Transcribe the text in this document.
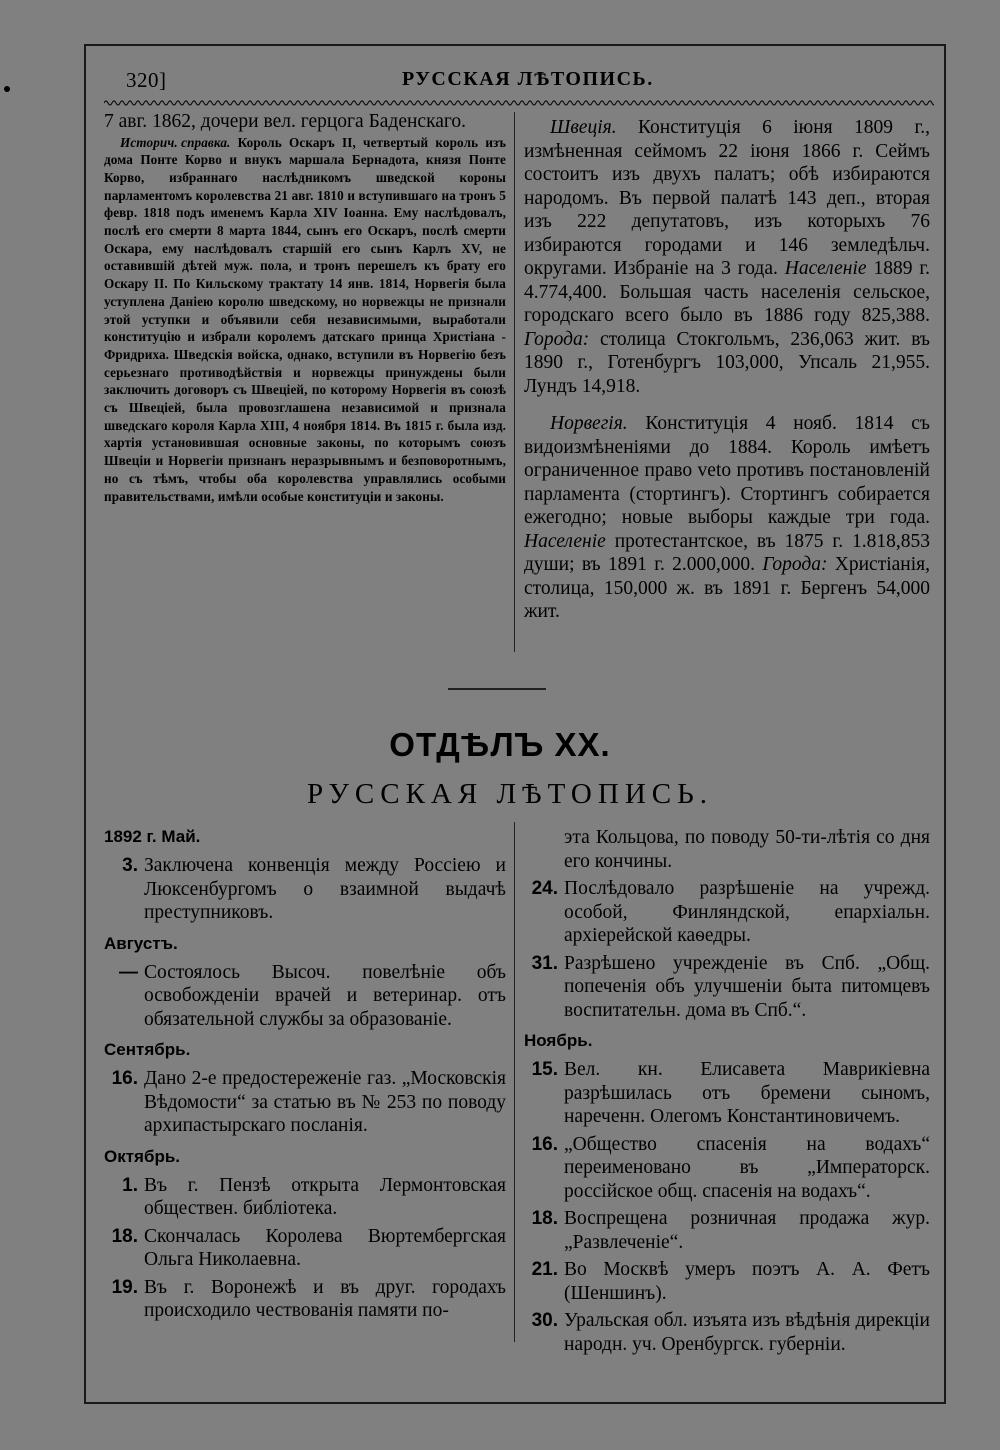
320]	РУССКАЯ ЛѢТОПИСЬ.

7 авг. 1862, дочери вел. герцога Баденскаго.

Историч. справка. Король Оскаръ II, четвертый король изъ дома Понте Корво и внукъ маршала Бернадота, князя Понте Корво, избраннаго наслѣдникомъ шведской короны парламентомъ королевства 21 авг. 1810 и вступившаго на тронъ 5 февр. 1818 подъ именемъ Карла XIV Іоанна. Ему наслѣдовалъ, послѣ его смерти 8 марта 1844, сынъ его Оскаръ, послѣ смерти Оскара, ему наслѣдовалъ старшій его сынъ Карлъ XV, не оставившій дѣтей муж. пола, и тронъ перешелъ къ брату его Оскару II. По Кильскому трактату 14 янв. 1814, Норвегія была уступлена Даніею королю шведскому, но норвежцы не признали этой уступки и объявили себя независимыми, выработали конституцію и избрали королемъ датскаго принца Христіана - Фридриха. Шведскія войска, однако, вступили въ Норвегію безъ серьезнаго противодѣйствія и норвежцы принуждены были заключить договоръ съ Швеціей, по которому Норвегія въ союзѣ съ Швеціей, была провозглашена независимой и признала шведскаго короля Карла XIII, 4 ноября 1814. Въ 1815 г. была изд. хартія установившая основные законы, по которымъ союзъ Швеціи и Норвегіи признанъ неразрывнымъ и безповоротнымъ, но съ тѣмъ, чтобы оба королевства управлялись особыми правительствами, имѣли особые конституціи и законы.

Швеція. Конституція 6 іюня 1809 г., измѣненная сеймомъ 22 іюня 1866 г. Сеймъ состоитъ изъ двухъ палатъ; обѣ избираются народомъ. Въ первой палатѣ 143 деп., вторая изъ 222 депутатовъ, изъ которыхъ 76 избираются городами и 146 земледѣльч. округами. Избраніе на 3 года. Населеніе 1889 г. 4.774,400. Большая часть населенія сельское, городскаго всего было въ 1886 году 825,388. Города: столица Стокгольмъ, 236,063 жит. въ 1890 г., Готенбургъ 103,000, Упсаль 21,955. Лундъ 14,918.

Норвегія. Конституція 4 нояб. 1814 съ видоизмѣненіями до 1884. Король имѣетъ ограниченное право veto противъ постановленій парламента (стортингъ). Стортингъ собирается ежегодно; новые выборы каждые три года. Населеніе протестантское, въ 1875 г. 1.818,853 души; въ 1891 г. 2.000,000. Города: Христіанія, столица, 150,000 ж. въ 1891 г. Бергенъ 54,000 жит.

ОТДѢЛЪ XX.
РУССКАЯ ЛѢТОПИСЬ.
1892 г. Май.
3. Заключена конвенція между Россіею и Люксенбургомъ о взаимной выдачѣ преступниковъ.
Августъ.
— Состоялось Высоч. повелѣніе объ освобожденіи врачей и ветеринар. отъ обязательной службы за образованіе.
Сентябрь.
16. Дано 2-е предостереженіе газ. „Московскія Вѣдомости“ за статью въ № 253 по поводу архипастырскаго посланія.
Октябрь.
1. Въ г. Пензѣ открыта Лермонтовская обществен. библіотека.
18. Скончалась Королева Вюртембергская Ольга Николаевна.
19. Въ г. Воронежѣ и въ друг. городахъ происходило чествованія памяти по-
эта Кольцова, по поводу 50-ти-лѣтія со дня его кончины.
24. Послѣдовало разрѣшеніе на учрежд. особой, Финляндской, епархіальн. архіерейской каѳедры.
31. Разрѣшено учрежденіе въ Спб. „Общ. попеченія объ улучшеніи быта питомцевъ воспитательн. дома въ Спб.“.
Ноябрь.
15. Вел. кн. Елисавета Маврикіевна разрѣшилась отъ бремени сыномъ, нареченн. Олегомъ Константиновичемъ.
16. „Общество спасенія на водахъ“ переименовано въ „Императорск. россійское общ. спасенія на водахъ“.
18. Воспрещена розничная продажа жур. „Развлеченіе“.
21. Во Москвѣ умеръ поэтъ А. А. Фетъ (Шеншинъ).
30. Уральская обл. изъята изъ вѣдѣнія дирекціи народн. уч. Оренбургск. губерніи.
